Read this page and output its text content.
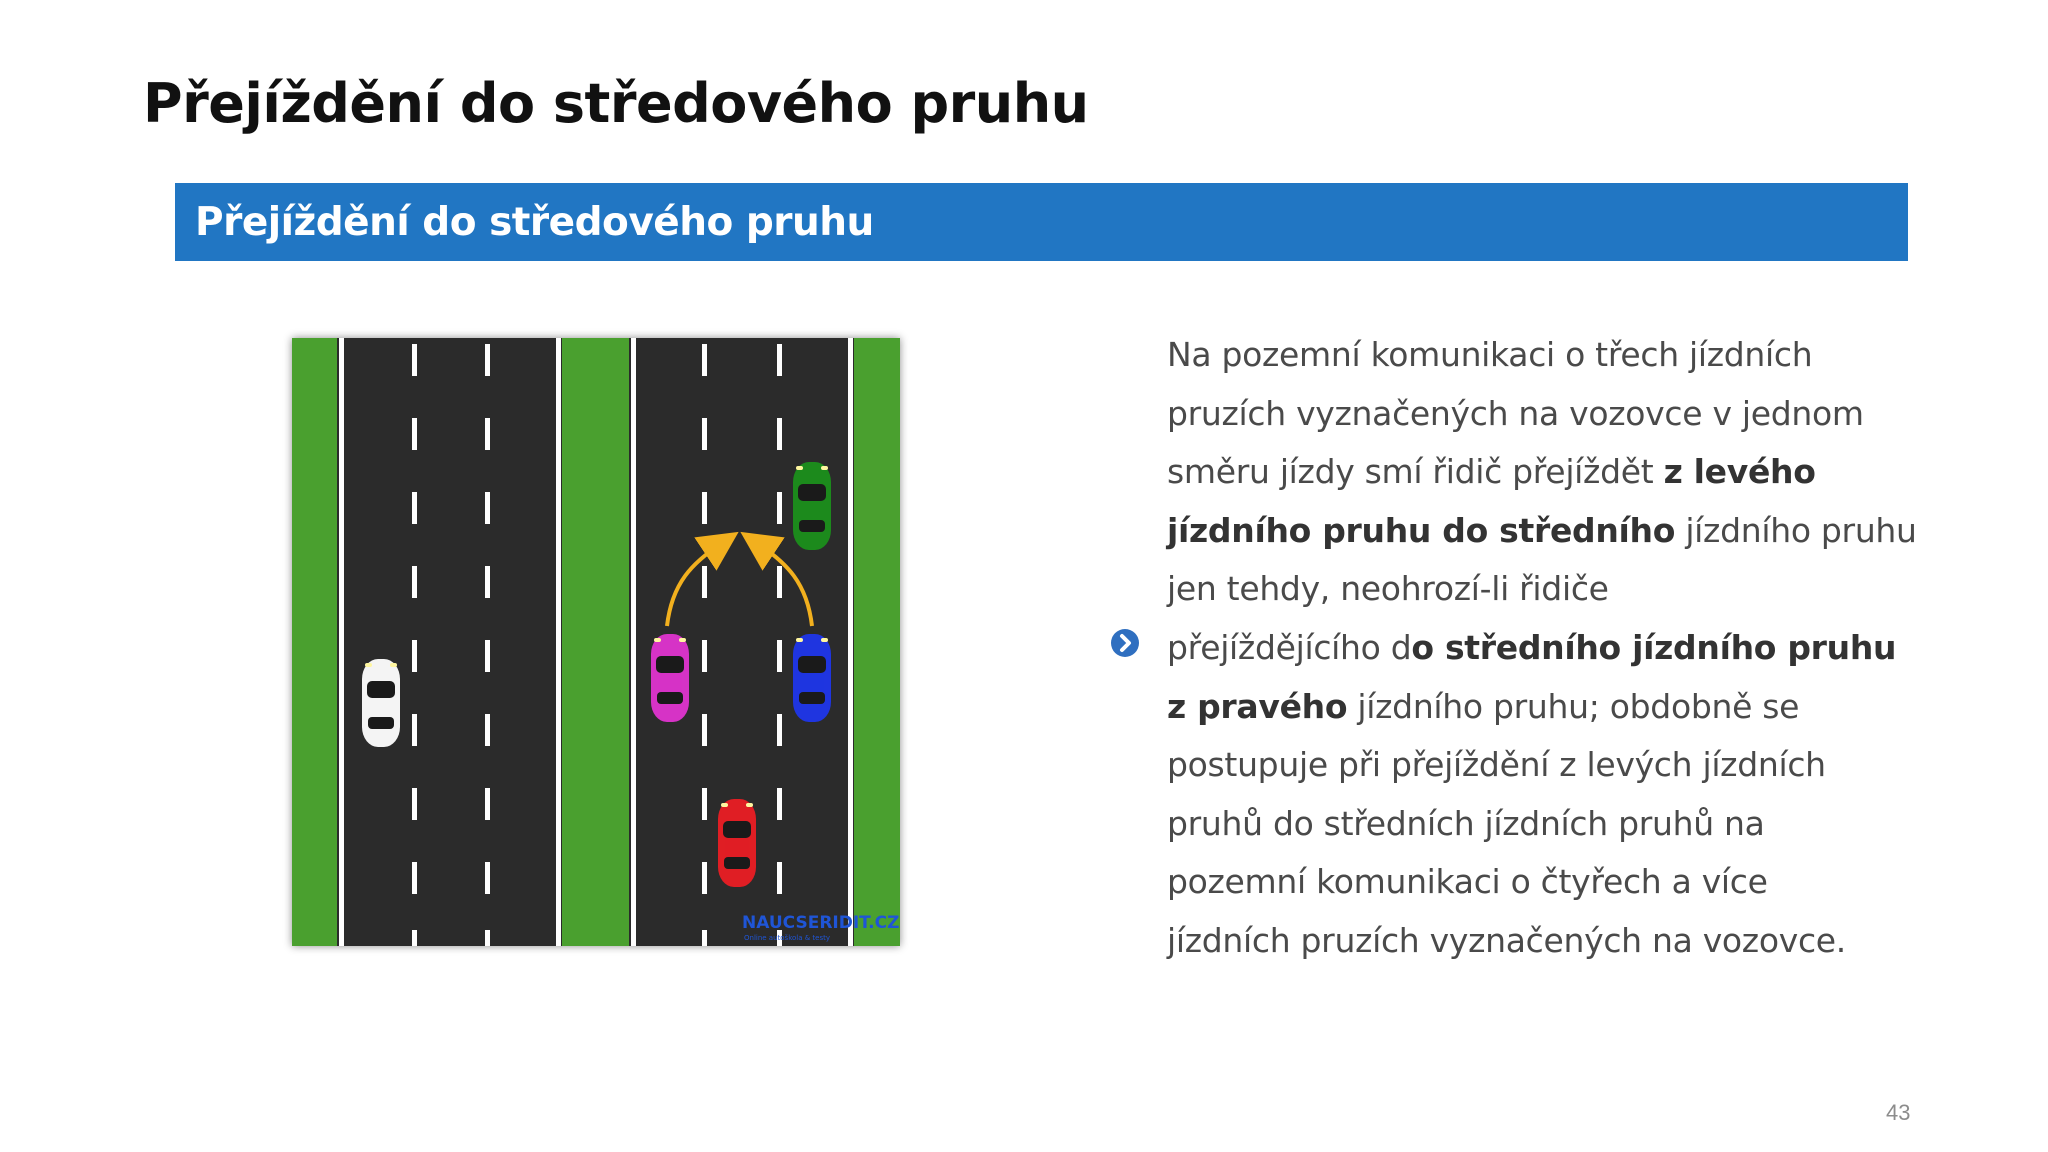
Přejíždění do středového pruhu
Přejíždění do středového pruhu
NAUCSERIDIT.CZ
Online autoškola & testy
Na pozemní komunikaci o třech jízdních
pruzích vyznačených na vozovce v jednom
směru jízdy smí řidič přejíždět z levého
jízdního pruhu do středního jízdního pruhu
jen tehdy, neohrozí-li řidiče
přejíždějícího do středního jízdního pruhu
z pravého jízdního pruhu; obdobně se
postupuje při přejíždění z levých jízdních
pruhů do středních jízdních pruhů na
pozemní komunikaci o čtyřech a více
jízdních pruzích vyznačených na vozovce.
43
